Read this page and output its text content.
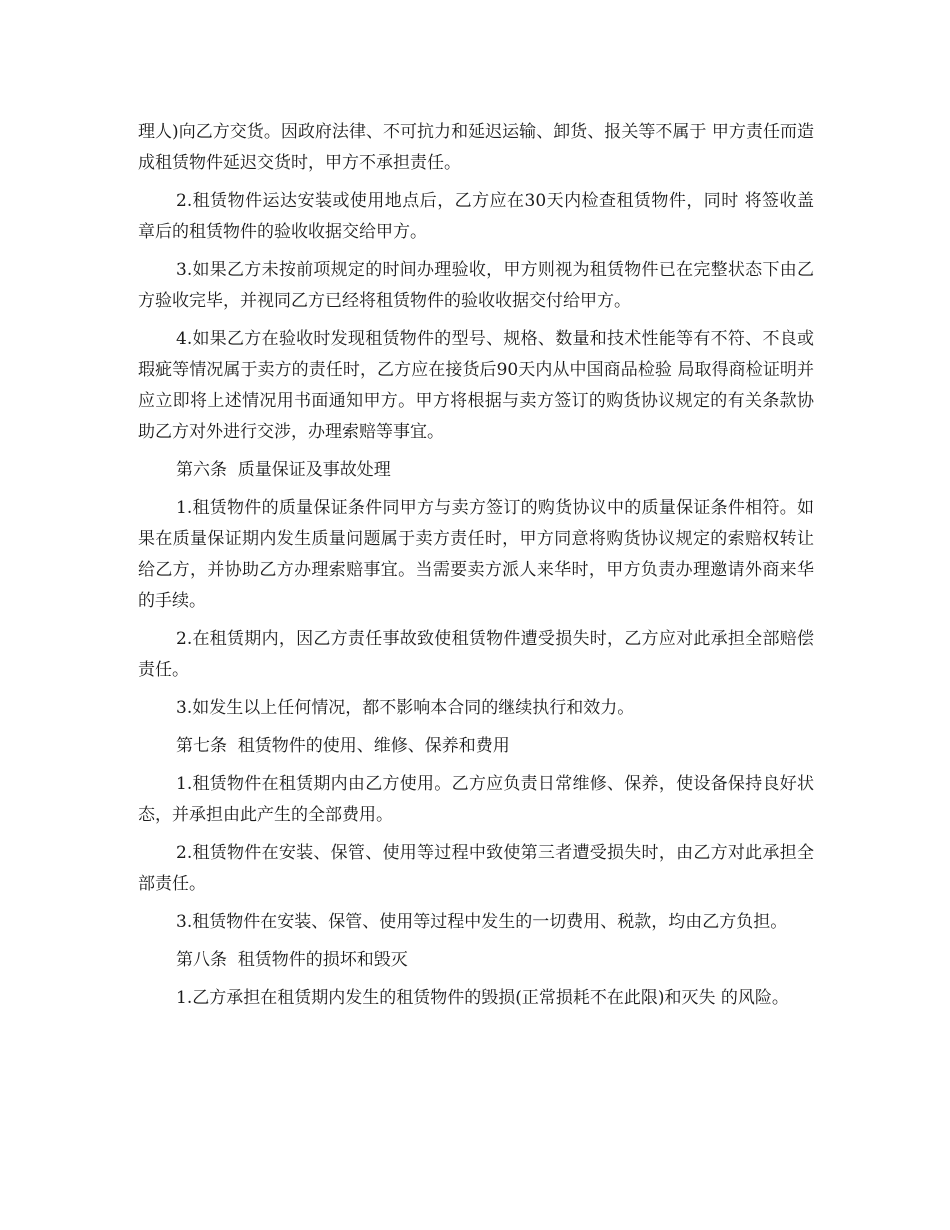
理人)向乙方交货。因政府法律、不可抗力和延迟运输、卸货、报关等不属于 甲方责任而造成租赁物件延迟交货时，甲方不承担责任。

2.租赁物件运达安装或使用地点后，乙方应在30天内检查租赁物件，同时 将签收盖章后的租赁物件的验收收据交给甲方。

3.如果乙方未按前项规定的时间办理验收，甲方则视为租赁物件已在完整状态下由乙方验收完毕，并视同乙方已经将租赁物件的验收收据交付给甲方。

4.如果乙方在验收时发现租赁物件的型号、规格、数量和技术性能等有不符、不良或瑕疵等情况属于卖方的责任时，乙方应在接货后90天内从中国商品检验 局取得商检证明并应立即将上述情况用书面通知甲方。甲方将根据与卖方签订的购货协议规定的有关条款协助乙方对外进行交涉，办理索赔等事宜。

第六条  质量保证及事故处理

1.租赁物件的质量保证条件同甲方与卖方签订的购货协议中的质量保证条件相符。如果在质量保证期内发生质量问题属于卖方责任时，甲方同意将购货协议规定的索赔权转让给乙方，并协助乙方办理索赔事宜。当需要卖方派人来华时，甲方负责办理邀请外商来华的手续。

2.在租赁期内，因乙方责任事故致使租赁物件遭受损失时，乙方应对此承担全部赔偿责任。

3.如发生以上任何情况，都不影响本合同的继续执行和效力。

第七条  租赁物件的使用、维修、保养和费用

1.租赁物件在租赁期内由乙方使用。乙方应负责日常维修、保养，使设备保持良好状态，并承担由此产生的全部费用。

2.租赁物件在安装、保管、使用等过程中致使第三者遭受损失时，由乙方对此承担全部责任。

3.租赁物件在安装、保管、使用等过程中发生的一切费用、税款，均由乙方负担。

第八条  租赁物件的损坏和毁灭

1.乙方承担在租赁期内发生的租赁物件的毁损(正常损耗不在此限)和灭失 的风险。
